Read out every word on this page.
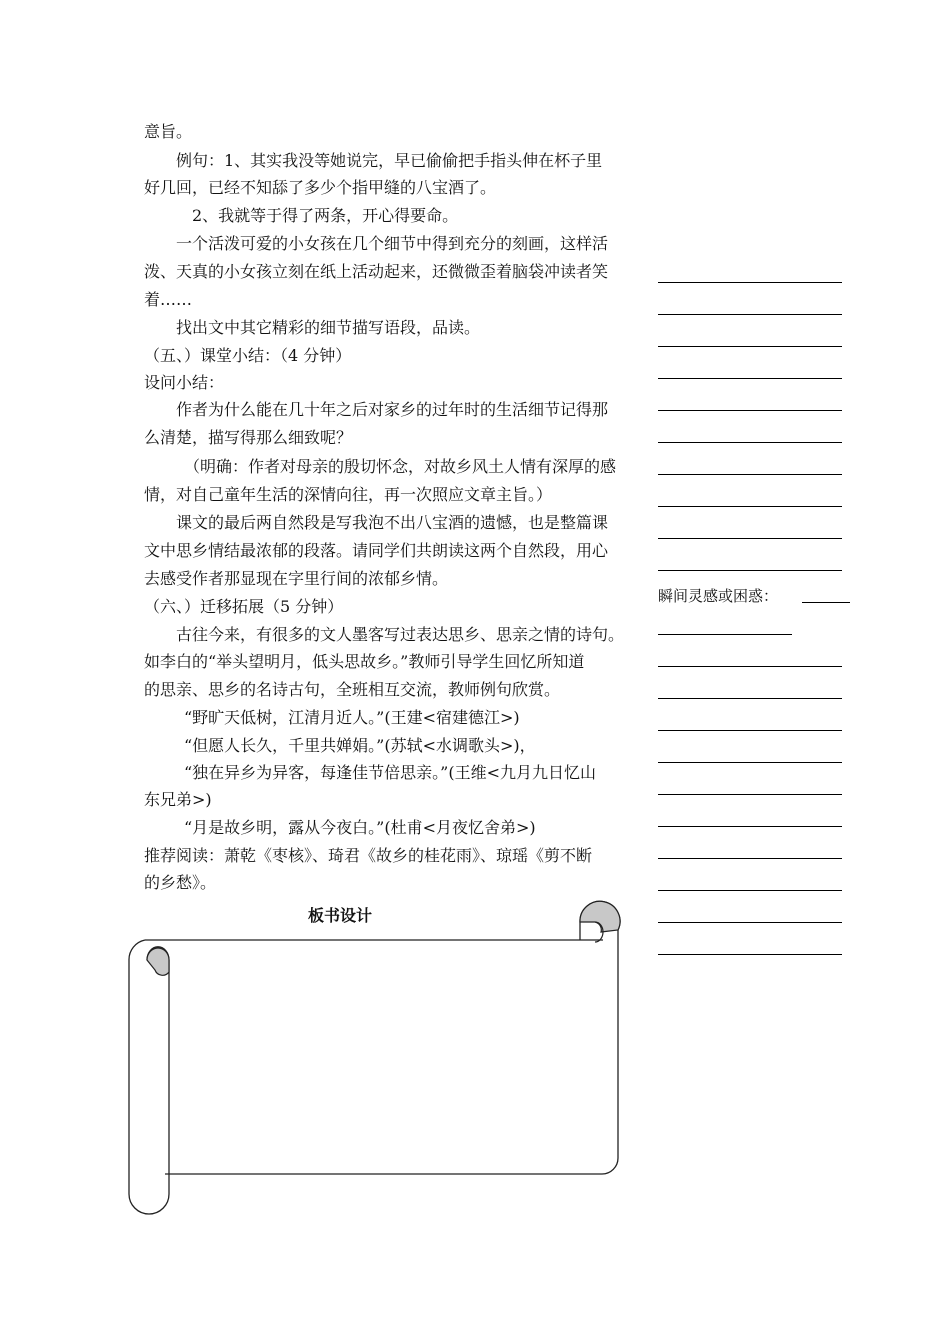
意旨。
例句：1、其实我没等她说完，早已偷偷把手指头伸在杯子里
好几回，已经不知舔了多少个指甲缝的八宝酒了。
2、我就等于得了两条，开心得要命。
一个活泼可爱的小女孩在几个细节中得到充分的刻画，这样活
泼、天真的小女孩立刻在纸上活动起来，还微微歪着脑袋冲读者笑
着……
找出文中其它精彩的细节描写语段，品读。
（五、）课堂小结：（4 分钟）
设问小结：
作者为什么能在几十年之后对家乡的过年时的生活细节记得那
么清楚，描写得那么细致呢？
（明确：作者对母亲的殷切怀念，对故乡风土人情有深厚的感
情，对自己童年生活的深情向往，再一次照应文章主旨。）
课文的最后两自然段是写我泡不出八宝酒的遗憾，也是整篇课
文中思乡情结最浓郁的段落。请同学们共朗读这两个自然段，用心
去感受作者那显现在字里行间的浓郁乡情。
（六、）迁移拓展（5 分钟）
古往今来，有很多的文人墨客写过表达思乡、思亲之情的诗句。
如李白的“举头望明月，低头思故乡。”教师引导学生回忆所知道
的思亲、思乡的名诗古句，全班相互交流，教师例句欣赏。
“野旷天低树，江清月近人。”(王建<宿建德江>)
“但愿人长久，千里共婵娟。”(苏轼<水调歌头>)，
“独在异乡为异客，每逢佳节倍思亲。”(王维<九月九日忆山
东兄弟>)
“月是故乡明，露从今夜白。”(杜甫<月夜忆舍弟>)
推荐阅读：萧乾《枣核》、琦君《故乡的桂花雨》、琼瑶《剪不断
的乡愁》。
板书设计
瞬间灵感或困惑：
